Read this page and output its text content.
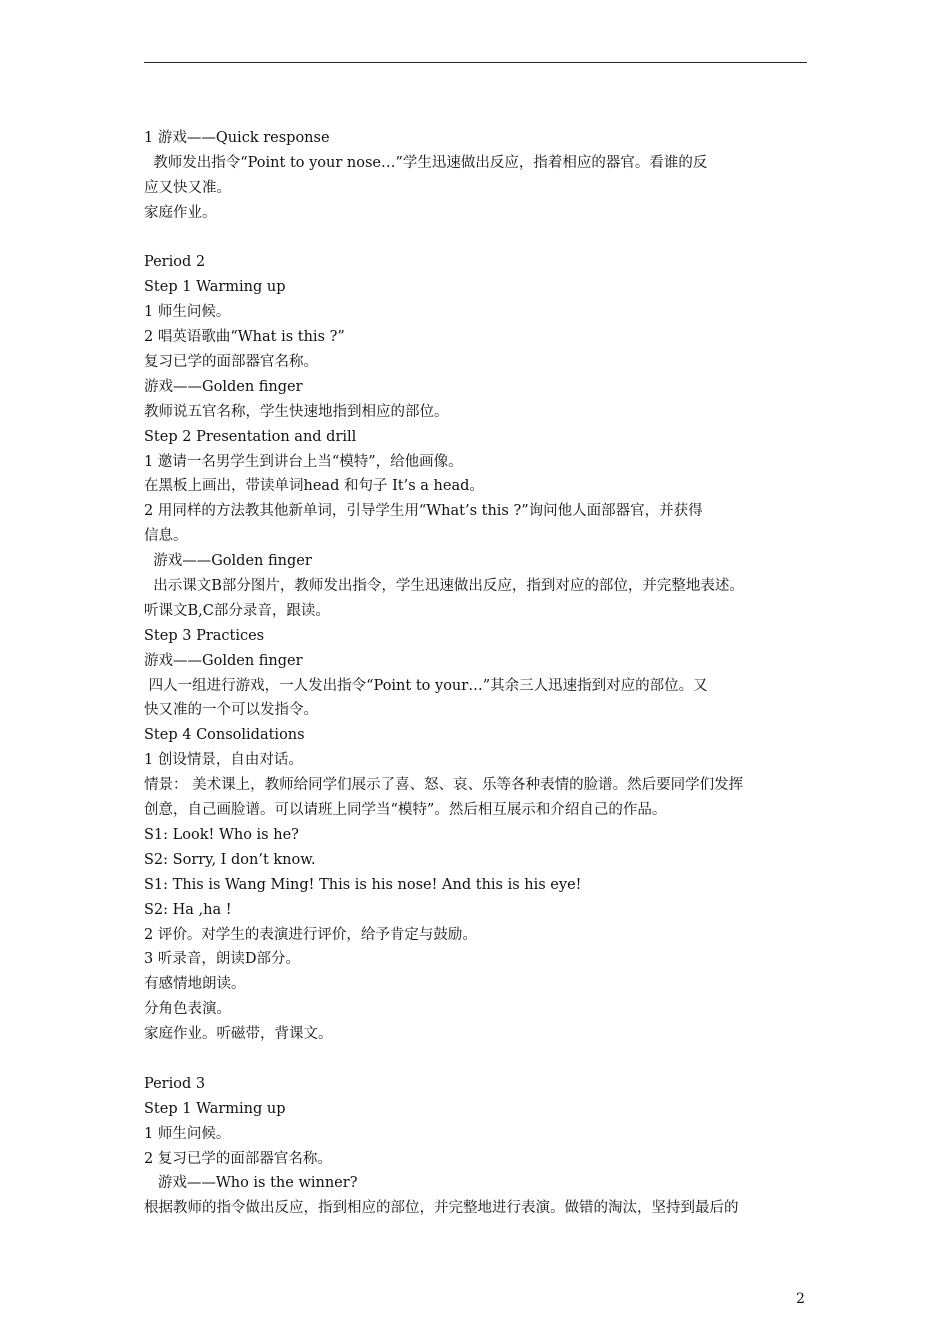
1 游戏——Quick response
教师发出指令“Point to your nose…”学生迅速做出反应，指着相应的器官。看谁的反
应又快又准。
家庭作业。
Period 2
Step 1 Warming up
1 师生问候。
2 唱英语歌曲“What is this ?”
复习已学的面部器官名称。
游戏——Golden finger
教师说五官名称，学生快速地指到相应的部位。
Step 2 Presentation and drill
1 邀请一名男学生到讲台上当“模特”，给他画像。
在黑板上画出，带读单词head 和句子 It’s a head。
2 用同样的方法教其他新单词，引导学生用“What’s this ?”询问他人面部器官，并获得
信息。
游戏——Golden finger
出示课文B部分图片，教师发出指令，学生迅速做出反应，指到对应的部位，并完整地表述。
听课文B,C部分录音，跟读。
Step 3 Practices
游戏——Golden finger
四人一组进行游戏，一人发出指令“Point to your…”其余三人迅速指到对应的部位。又
快又准的一个可以发指令。
Step 4 Consolidations
1 创设情景，自由对话。
情景： 美术课上，教师给同学们展示了喜、怒、哀、乐等各种表情的脸谱。然后要同学们发挥
创意，自己画脸谱。可以请班上同学当“模特”。然后相互展示和介绍自己的作品。
S1: Look! Who is he?
S2: Sorry, I don’t know.
S1: This is Wang Ming! This is his nose! And this is his eye!
S2: Ha ,ha !
2 评价。对学生的表演进行评价，给予肯定与鼓励。
3 听录音，朗读D部分。
有感情地朗读。
分角色表演。
家庭作业。听磁带，背课文。
Period 3
Step 1 Warming up
1 师生问候。
2 复习已学的面部器官名称。
游戏——Who is the winner?
根据教师的指令做出反应，指到相应的部位，并完整地进行表演。做错的淘汰，坚持到最后的
2
